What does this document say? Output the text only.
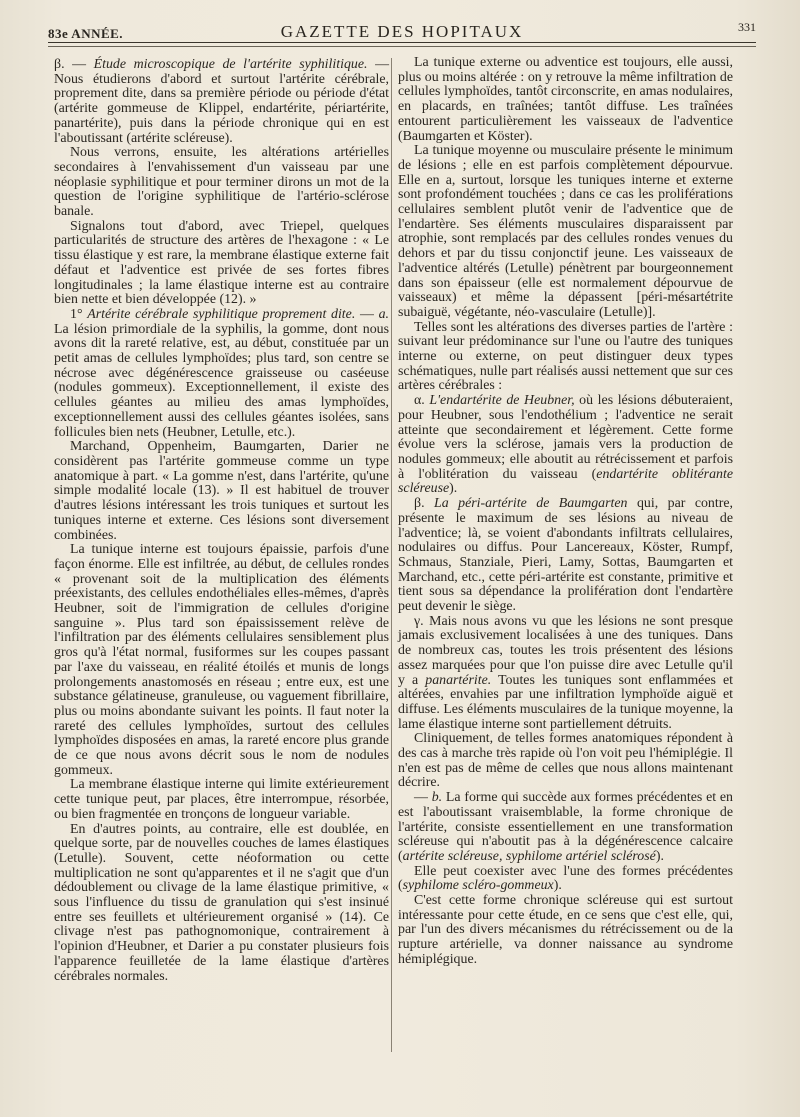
83e ANNÉE.	GAZETTE DES HOPITAUX	331

β. — Étude microscopique de l'artérite syphilitique. — Nous étudierons d'abord et surtout l'artérite cérébrale, proprement dite, dans sa première période ou période d'état (artérite gommeuse de Klippel, endartérite, périartérite, panartérite), puis dans la période chronique qui en est l'aboutissant (artérite scléreuse).

Nous verrons, ensuite, les altérations artérielles secondaires à l'envahissement d'un vaisseau par une néoplasie syphilitique et pour terminer dirons un mot de la question de l'origine syphilitique de l'artério-sclérose banale.

Signalons tout d'abord, avec Triepel, quelques particularités de structure des artères de l'hexagone : « Le tissu élastique y est rare, la membrane élastique externe fait défaut et l'adventice est privée de ses fortes fibres longitudinales ; la lame élastique interne est au contraire bien nette et bien développée (12). »

1° Artérite cérébrale syphilitique proprement dite. — a. La lésion primordiale de la syphilis, la gomme, dont nous avons dit la rareté relative, est, au début, constituée par un petit amas de cellules lymphoïdes; plus tard, son centre se nécrose avec dégénérescence graisseuse ou caséeuse (nodules gommeux). Exceptionnellement, il existe des cellules géantes au milieu des amas lymphoïdes, exceptionnellement aussi des cellules géantes isolées, sans follicules bien nets (Heubner, Letulle, etc.).

Marchand, Oppenheim, Baumgarten, Darier ne considèrent pas l'artérite gommeuse comme un type anatomique à part. « La gomme n'est, dans l'artérite, qu'une simple modalité locale (13). » Il est habituel de trouver d'autres lésions intéressant les trois tuniques et surtout les tuniques interne et externe. Ces lésions sont diversement combinées.

La tunique interne est toujours épaissie, parfois d'une façon énorme. Elle est infiltrée, au début, de cellules rondes « provenant soit de la multiplication des éléments préexistants, des cellules endothéliales elles-mêmes, d'après Heubner, soit de l'immigration de cellules d'origine sanguine ». Plus tard son épaississement relève de l'infiltration par des éléments cellulaires sensiblement plus gros qu'à l'état normal, fusiformes sur les coupes passant par l'axe du vaisseau, en réalité étoilés et munis de longs prolongements anastomosés en réseau ; entre eux, est une substance gélatineuse, granuleuse, ou vaguement fibrillaire, plus ou moins abondante suivant les points. Il faut noter la rareté des cellules lymphoïdes, surtout des cellules lymphoïdes disposées en amas, la rareté encore plus grande de ce que nous avons décrit sous le nom de nodules gommeux.

La membrane élastique interne qui limite extérieurement cette tunique peut, par places, être interrompue, résorbée, ou bien fragmentée en tronçons de longueur variable.

En d'autres points, au contraire, elle est doublée, en quelque sorte, par de nouvelles couches de lames élastiques (Letulle). Souvent, cette néoformation ou cette multiplication ne sont qu'apparentes et il ne s'agit que d'un dédoublement ou clivage de la lame élastique primitive, « sous l'influence du tissu de granulation qui s'est insinué entre ses feuillets et ultérieurement organisé » (14). Ce clivage n'est pas pathognomonique, contrairement à l'opinion d'Heubner, et Darier a pu constater plusieurs fois l'apparence feuilletée de la lame élastique d'artères cérébrales normales.

La tunique externe ou adventice est toujours, elle aussi, plus ou moins altérée : on y retrouve la même infiltration de cellules lymphoïdes, tantôt circonscrite, en amas nodulaires, en placards, en traînées; tantôt diffuse. Les traînées entourent particulièrement les vaisseaux de l'adventice (Baumgarten et Köster).

La tunique moyenne ou musculaire présente le minimum de lésions ; elle en est parfois complètement dépourvue. Elle en a, surtout, lorsque les tuniques interne et externe sont profondément touchées ; dans ce cas les proliférations cellulaires semblent plutôt venir de l'adventice que de l'endartère. Ses éléments musculaires disparaissent par atrophie, sont remplacés par des cellules rondes venues du dehors et par du tissu conjonctif jeune. Les vaisseaux de l'adventice altérés (Letulle) pénètrent par bourgeonnement dans son épaisseur (elle est normalement dépourvue de vaisseaux) et même la dépassent [péri-mésartétrite subaiguë, végétante, néo-vasculaire (Letulle)].

Telles sont les altérations des diverses parties de l'artère : suivant leur prédominance sur l'une ou l'autre des tuniques interne ou externe, on peut distinguer deux types schématiques, nulle part réalisés aussi nettement que sur ces artères cérébrales :

α. L'endartérite de Heubner, où les lésions débuteraient, pour Heubner, sous l'endothélium ; l'adventice ne serait atteinte que secondairement et légèrement. Cette forme évolue vers la sclérose, jamais vers la production de nodules gommeux; elle aboutit au rétrécissement et parfois à l'oblitération du vaisseau (endartérite oblitérante scléreuse).

β. La péri-artérite de Baumgarten qui, par contre, présente le maximum de ses lésions au niveau de l'adventice; là, se voient d'abondants infiltrats cellulaires, nodulaires ou diffus. Pour Lancereaux, Köster, Rumpf, Schmaus, Stanziale, Pieri, Lamy, Sottas, Baumgarten et Marchand, etc., cette péri-artérite est constante, primitive et tient sous sa dépendance la prolifération dont l'endartère peut devenir le siège.

γ. Mais nous avons vu que les lésions ne sont presque jamais exclusivement localisées à une des tuniques. Dans de nombreux cas, toutes les trois présentent des lésions assez marquées pour que l'on puisse dire avec Letulle qu'il y a panartérite. Toutes les tuniques sont enflammées et altérées, envahies par une infiltration lymphoïde aiguë et diffuse. Les éléments musculaires de la tunique moyenne, la lame élastique interne sont partiellement détruits.

Cliniquement, de telles formes anatomiques répondent à des cas à marche très rapide où l'on voit peu l'hémiplégie. Il n'en est pas de même de celles que nous allons maintenant décrire.

— b. La forme qui succède aux formes précédentes et en est l'aboutissant vraisemblable, la forme chronique de l'artérite, consiste essentiellement en une transformation scléreuse qui n'aboutit pas à la dégénérescence calcaire (artérite scléreuse, syphilome artériel sclérosé).

Elle peut coexister avec l'une des formes précédentes (syphilome scléro-gommeux).

C'est cette forme chronique scléreuse qui est surtout intéressante pour cette étude, en ce sens que c'est elle, qui, par l'un des divers mécanismes du rétrécissement ou de la rupture artérielle, va donner naissance au syndrome hémiplégique.
